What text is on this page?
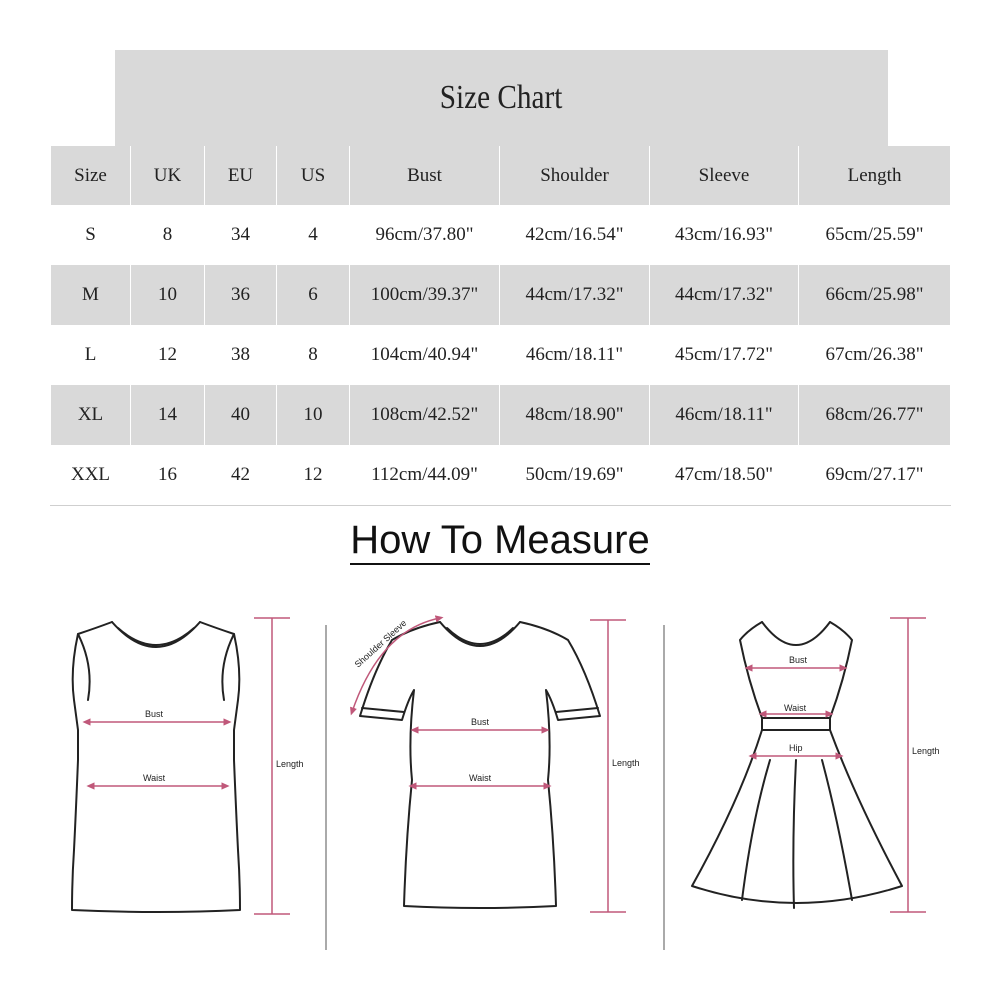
Size Chart							
Size	UK	EU	US	Bust	Shoulder	Sleeve	Length
S	8	34	4	96cm/37.80"	42cm/16.54"	43cm/16.93"	65cm/25.59"
M	10	36	6	100cm/39.37"	44cm/17.32"	44cm/17.32"	66cm/25.98"
L	12	38	8	104cm/40.94"	46cm/18.11"	45cm/17.72"	67cm/26.38"
XL	14	40	10	108cm/42.52"	48cm/18.90"	46cm/18.11"	68cm/26.77"
XXL	16	42	12	112cm/44.09"	50cm/19.69"	47cm/18.50"	69cm/27.17"
How To Measure
Bust
Waist
Length
Shoulder Sleeve
Bust
Waist
Length
Bust
Waist
Hip	Length
